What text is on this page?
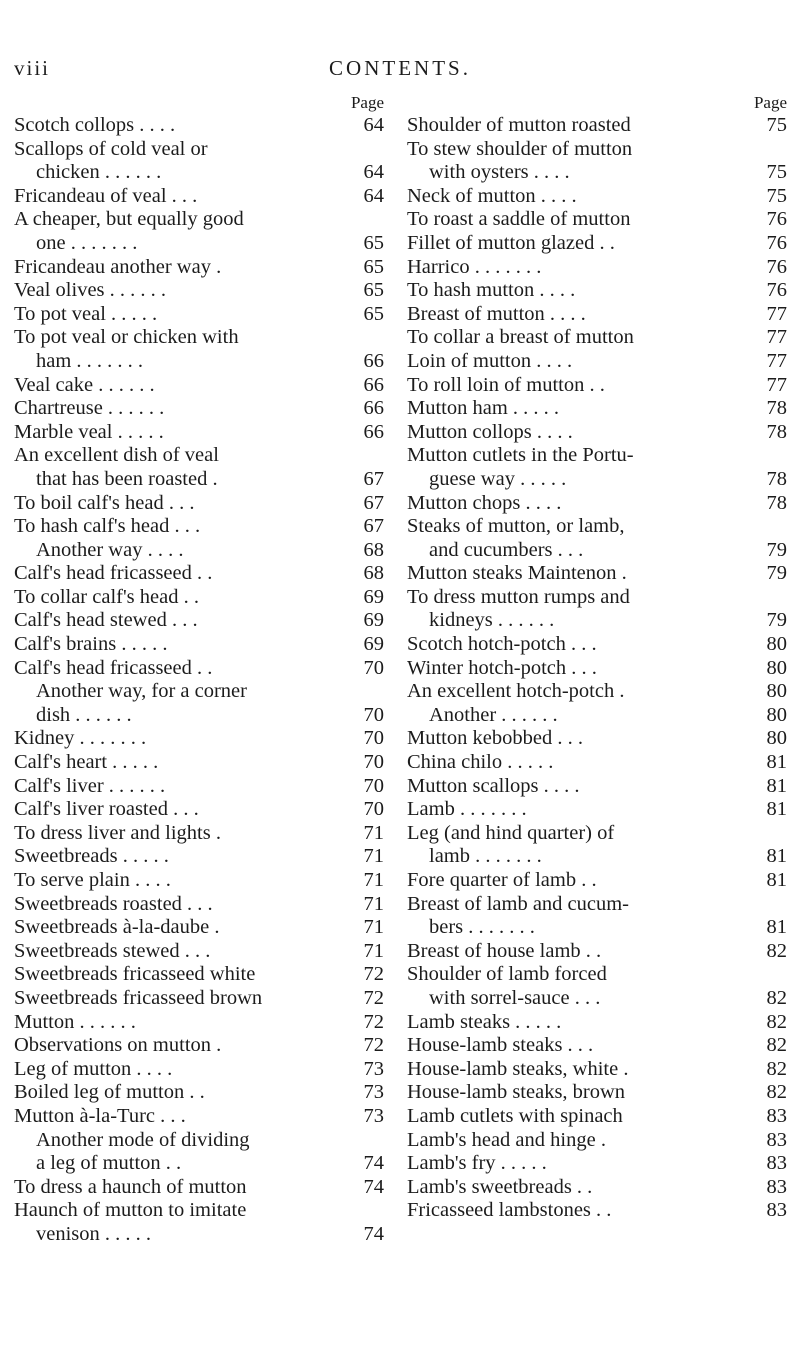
viii	CONTENTS.
Page
Scotch collops . . . .	64
Scallops of cold veal or
chicken . . . . . .	64
Fricandeau of veal . . .	64
A cheaper, but equally good
one . . . . . . .	65
Fricandeau another way .	65
Veal olives . . . . . .	65
To pot veal . . . . .	65
To pot veal or chicken with
ham . . . . . . .	66
Veal cake . . . . . .	66
Chartreuse . . . . . .	66
Marble veal . . . . .	66
An excellent dish of veal
that has been roasted .	67
To boil calf's head . . .	67
To hash calf's head . . .	67
Another way . . . .	68
Calf's head fricasseed . .	68
To collar calf's head . .	69
Calf's head stewed . . .	69
Calf's brains . . . . .	69
Calf's head fricasseed . .	70
Another way, for a corner
dish . . . . . .	70
Kidney . . . . . . .	70
Calf's heart . . . . .	70
Calf's liver . . . . . .	70
Calf's liver roasted . . .	70
To dress liver and lights .	71
Sweetbreads . . . . .	71
To serve plain . . . .	71
Sweetbreads roasted . . .	71
Sweetbreads à-la-daube .	71
Sweetbreads stewed . . .	71
Sweetbreads fricasseed white	72
Sweetbreads fricasseed brown	72
Mutton . . . . . .	72
Observations on mutton .	72
Leg of mutton . . . .	73
Boiled leg of mutton . .	73
Mutton à-la-Turc . . .	73
Another mode of dividing
a leg of mutton . .	74
To dress a haunch of mutton	74
Haunch of mutton to imitate
venison . . . . .	74
Page
Shoulder of mutton roasted	75
To stew shoulder of mutton
with oysters . . . .	75
Neck of mutton . . . .	75
To roast a saddle of mutton	76
Fillet of mutton glazed . .	76
Harrico . . . . . . .	76
To hash mutton . . . .	76
Breast of mutton . . . .	77
To collar a breast of mutton	77
Loin of mutton . . . .	77
To roll loin of mutton . .	77
Mutton ham . . . . .	78
Mutton collops . . . .	78
Mutton cutlets in the Portu-
guese way . . . . .	78
Mutton chops . . . .	78
Steaks of mutton, or lamb,
and cucumbers . . .	79
Mutton steaks Maintenon .	79
To dress mutton rumps and
kidneys . . . . . .	79
Scotch hotch-potch . . .	80
Winter hotch-potch . . .	80
An excellent hotch-potch .	80
Another . . . . . .	80
Mutton kebobbed . . .	80
China chilo . . . . .	81
Mutton scallops . . . .	81
Lamb . . . . . . .	81
Leg (and hind quarter) of
lamb . . . . . . .	81
Fore quarter of lamb . .	81
Breast of lamb and cucum-
bers . . . . . . .	81
Breast of house lamb . .	82
Shoulder of lamb forced
with sorrel-sauce . . .	82
Lamb steaks . . . . .	82
House-lamb steaks . . .	82
House-lamb steaks, white .	82
House-lamb steaks, brown	82
Lamb cutlets with spinach	83
Lamb's head and hinge .	83
Lamb's fry . . . . .	83
Lamb's sweetbreads . .	83
Fricasseed lambstones . .	83
